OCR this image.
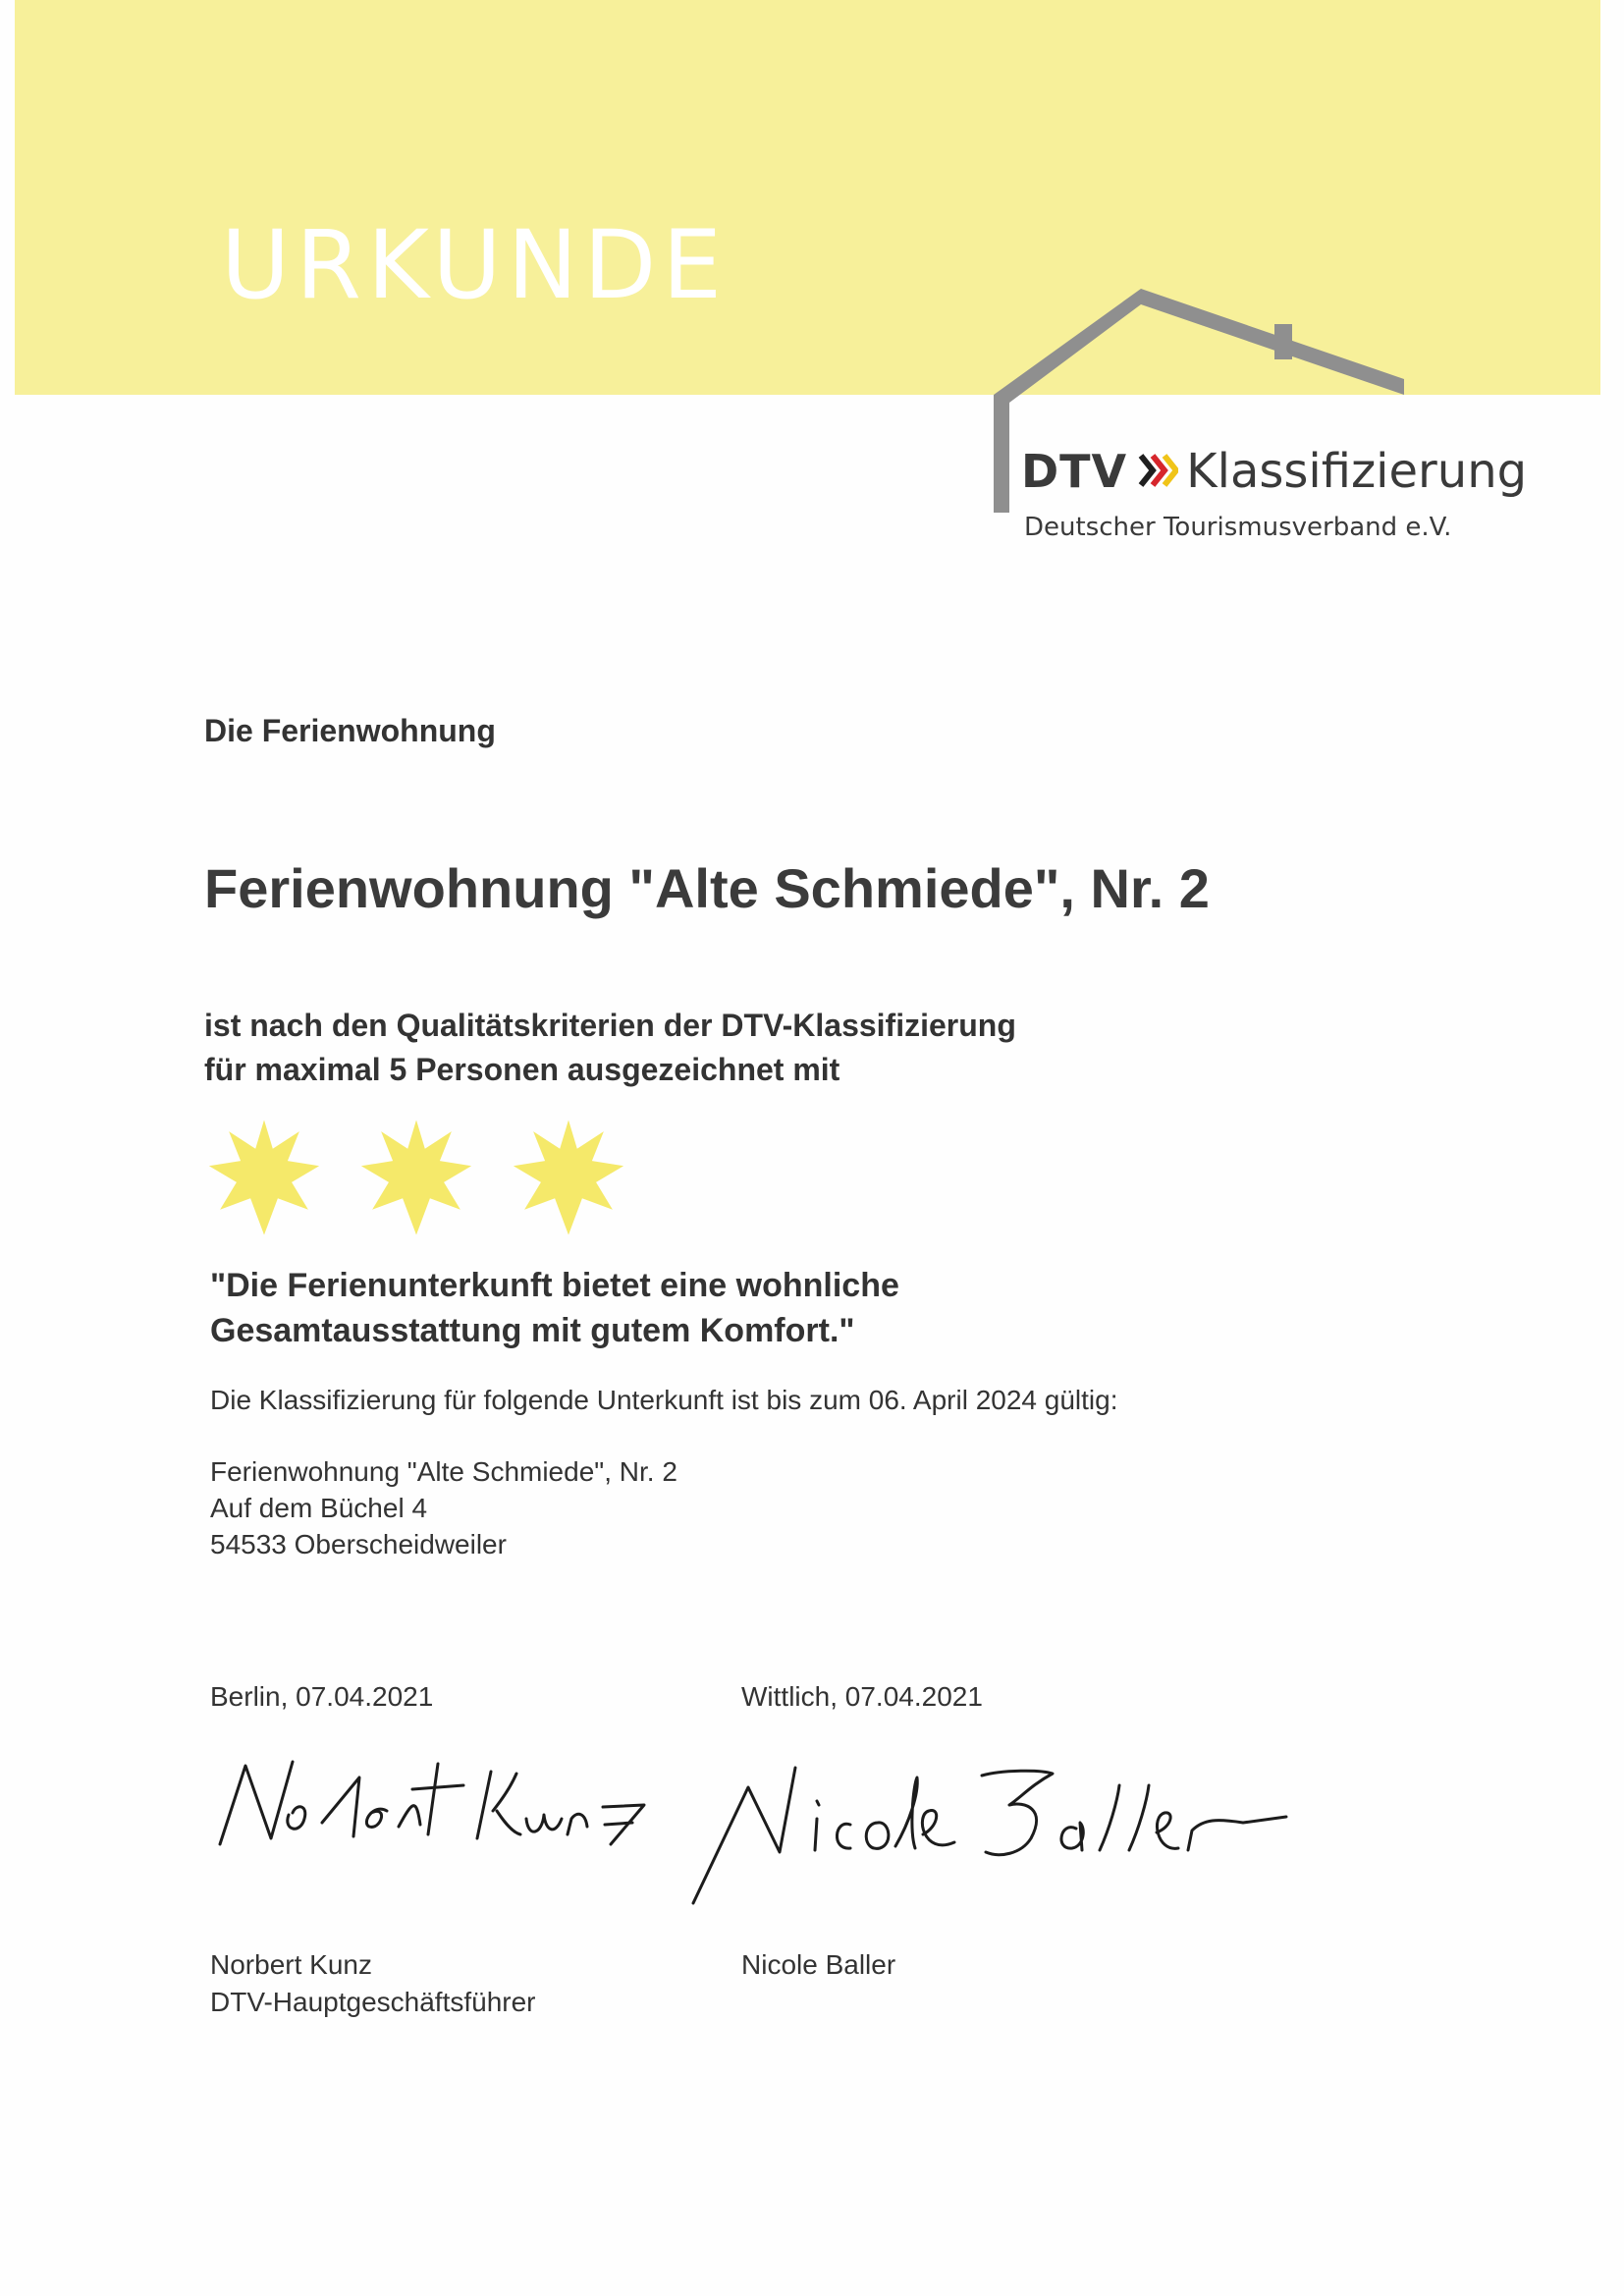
URKUNDE
DTV Klassifizierung
Deutscher Tourismusverband e.V.
Die Ferienwohnung
Ferienwohnung "Alte Schmiede", Nr. 2
ist nach den Qualitätskriterien der DTV-Klassifizierung
für maximal 5 Personen ausgezeichnet mit
"Die Ferienunterkunft bietet eine wohnliche
Gesamtausstattung mit gutem Komfort."
Die Klassifizierung für folgende Unterkunft ist bis zum 06. April 2024 gültig:
Ferienwohnung "Alte Schmiede", Nr. 2
Auf dem Büchel 4
54533 Oberscheidweiler
Berlin, 07.04.2021	Wittlich, 07.04.2021
Norbert Kunz
DTV-Hauptgeschäftsführer
Nicole Baller
